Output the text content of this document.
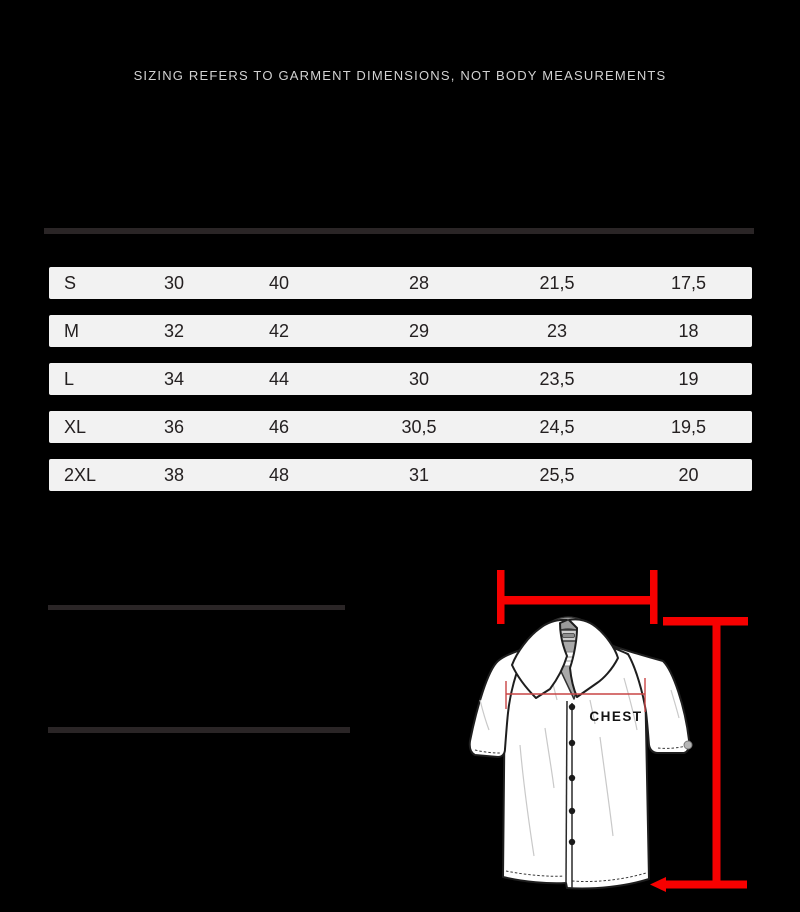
SIZING REFERS TO GARMENT DIMENSIONS, NOT BODY MEASUREMENTS
S	30	40	28	21,5	17,5
M	32	42	29	23	18
L	34	44	30	23,5	19
XL	36	46	30,5	24,5	19,5
2XL	38	48	31	25,5	20
CHEST
